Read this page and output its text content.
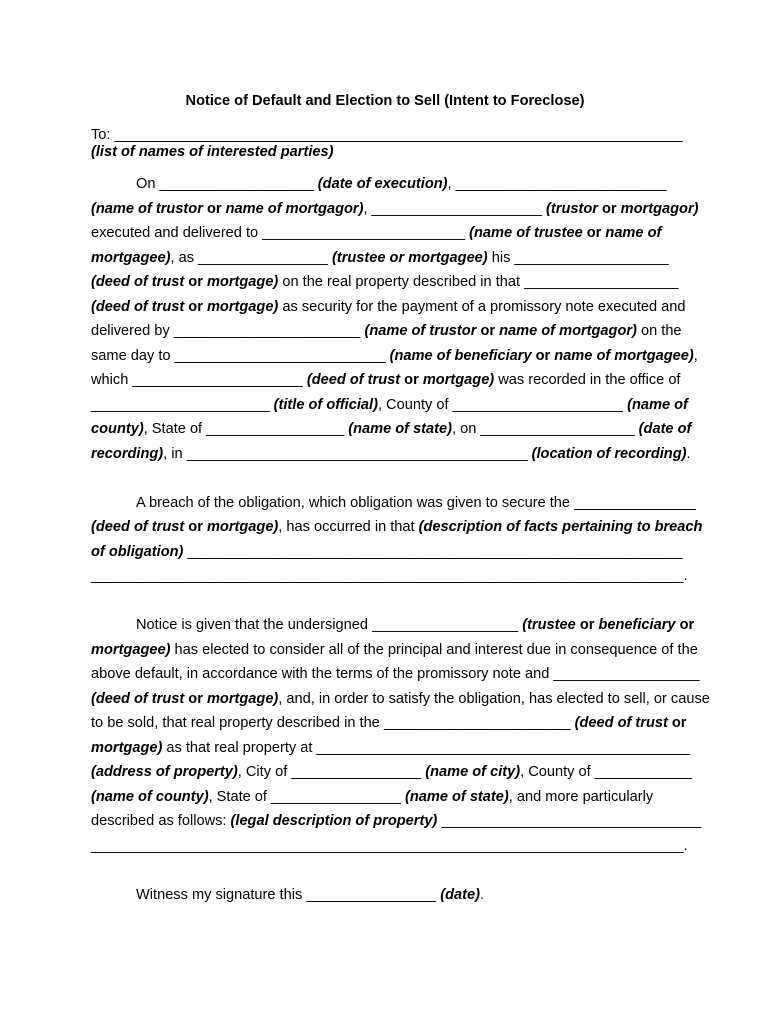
Notice of Default and Election to Sell (Intent to Foreclose)
To: ______________________________________________________________________
(list of names of interested parties)
On ___________________ (date of execution), __________________________
(name of trustor or name of mortgagor), _____________________ (trustor or mortgagor)
executed and delivered to _________________________ (name of trustee or name of
mortgagee), as ________________ (trustee or mortgagee) his ___________________
(deed of trust or mortgage) on the real property described in that ___________________
(deed of trust or mortgage) as security for the payment of a promissory note executed and
delivered by _______________________ (name of trustor or name of mortgagor) on the
same day to __________________________ (name of beneficiary or name of mortgagee),
which _____________________ (deed of trust or mortgage) was recorded in the office of
______________________ (title of official), County of _____________________ (name of
county), State of _________________ (name of state), on ___________________ (date of
recording), in __________________________________________ (location of recording).
A breach of the obligation, which obligation was given to secure the _______________
(deed of trust or mortgage), has occurred in that (description of facts pertaining to breach
of obligation) _____________________________________________________________
_________________________________________________________________________.
Notice is given that the undersigned __________________ (trustee or beneficiary or
mortgagee) has elected to consider all of the principal and interest due in consequence of the
above default, in accordance with the terms of the promissory note and __________________
(deed of trust or mortgage), and, in order to satisfy the obligation, has elected to sell, or cause
to be sold, that real property described in the _______________________ (deed of trust or
mortgage) as that real property at ______________________________________________
(address of property), City of ________________ (name of city), County of ____________
(name of county), State of ________________ (name of state), and more particularly
described as follows: (legal description of property) ________________________________
_________________________________________________________________________.
Witness my signature this ________________ (date).
